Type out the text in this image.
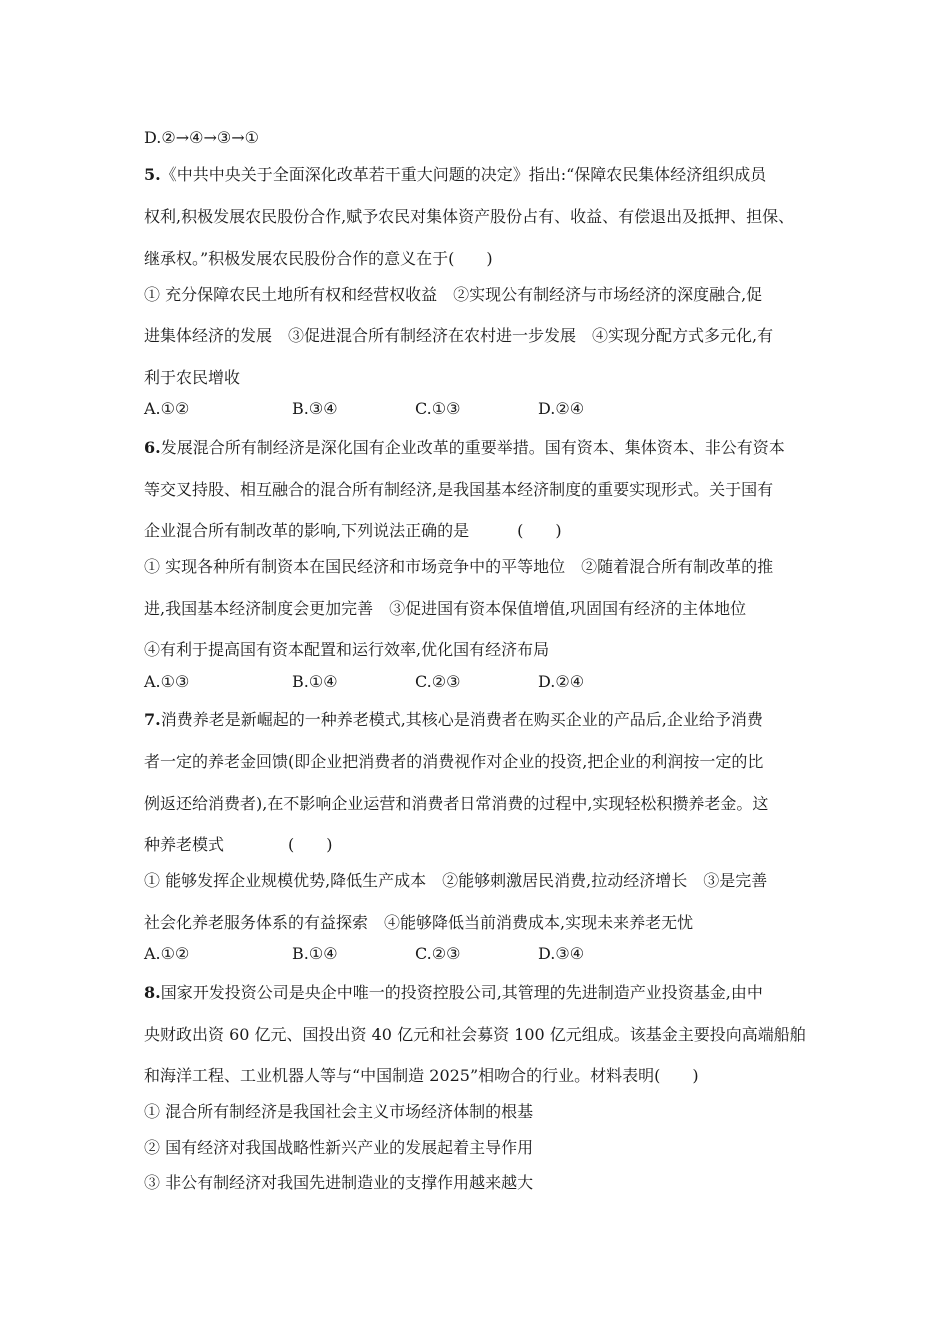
D.②→④→③→①
5.《中共中央关于全面深化改革若干重大问题的决定》指出:“保障农民集体经济组织成员
权利,积极发展农民股份合作,赋予农民对集体资产股份占有、收益、有偿退出及抵押、担保、
继承权。”积极发展农民股份合作的意义在于(　　)
① 充分保障农民土地所有权和经营权收益　②实现公有制经济与市场经济的深度融合,促
进集体经济的发展　③促进混合所有制经济在农村进一步发展　④实现分配方式多元化,有
利于农民增收
A.①②	B.③④	C.①③	D.②④
6.发展混合所有制经济是深化国有企业改革的重要举措。国有资本、集体资本、非公有资本
等交叉持股、相互融合的混合所有制经济,是我国基本经济制度的重要实现形式。关于国有
企业混合所有制改革的影响,下列说法正确的是　　　(　　)
① 实现各种所有制资本在国民经济和市场竞争中的平等地位　②随着混合所有制改革的推
进,我国基本经济制度会更加完善　③促进国有资本保值增值,巩固国有经济的主体地位
④有利于提高国有资本配置和运行效率,优化国有经济布局
A.①③	B.①④	C.②③	D.②④
7.消费养老是新崛起的一种养老模式,其核心是消费者在购买企业的产品后,企业给予消费
者一定的养老金回馈(即企业把消费者的消费视作对企业的投资,把企业的利润按一定的比
例返还给消费者),在不影响企业运营和消费者日常消费的过程中,实现轻松积攒养老金。这
种养老模式　　　　(　　)
① 能够发挥企业规模优势,降低生产成本　②能够刺激居民消费,拉动经济增长　③是完善
社会化养老服务体系的有益探索　④能够降低当前消费成本,实现未来养老无忧
A.①②	B.①④	C.②③	D.③④
8.国家开发投资公司是央企中唯一的投资控股公司,其管理的先进制造产业投资基金,由中
央财政出资 60 亿元、国投出资 40 亿元和社会募资 100 亿元组成。该基金主要投向高端船舶
和海洋工程、工业机器人等与“中国制造 2025”相吻合的行业。材料表明(　　)
① 混合所有制经济是我国社会主义市场经济体制的根基
② 国有经济对我国战略性新兴产业的发展起着主导作用
③ 非公有制经济对我国先进制造业的支撑作用越来越大
